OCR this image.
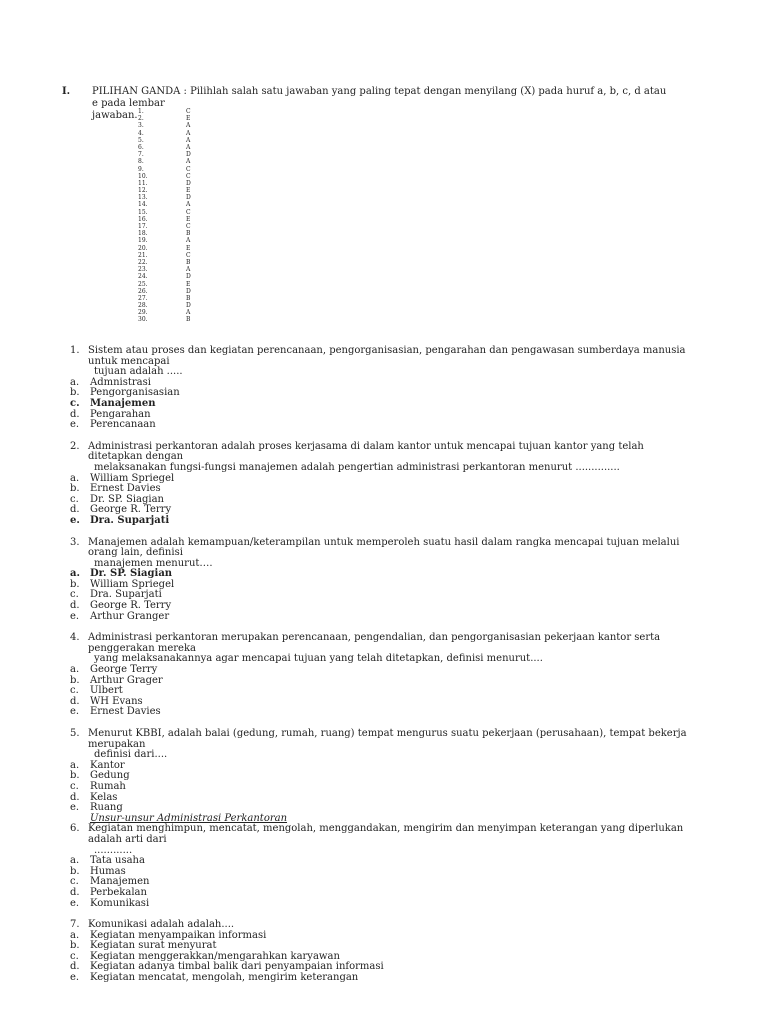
I. PILIHAN GANDA : Pilihlah salah satu jawaban yang paling tepat dengan menyilang (X) pada huruf a, b, c, d atau e pada lembar
jawaban. 1.	C
2.	E
3.	A
4.	A
5.	A
6.	A
7.	D
8.	A
9.	C
10.	C
11.	D
12.	E
13.	D
14.	A
15.	C
16.	E
17.	C
18.	B
19.	A
20.	E
21.	C
22.	B
23.	A
24.	D
25.	E
26.	D
27.	B
28.	D
29.	A
30.	B
1. Sistem atau proses dan kegiatan perencanaan, pengorganisasian, pengarahan dan pengawasan sumberdaya manusia untuk mencapai
tujuan adalah .....
a.	Admnistrasi
b.	Pengorganisasian
c.	Manajemen
d.	Pengarahan
e.	Perencanaan
2. Administrasi perkantoran adalah proses kerjasama di dalam kantor untuk mencapai tujuan kantor yang telah ditetapkan dengan
melaksanakan fungsi-fungsi manajemen adalah pengertian administrasi perkantoran menurut ..............
a.	William Spriegel
b.	Ernest Davies
c.	Dr. SP. Siagian
d.	George R. Terry
e.	Dra. Suparjati
3. Manajemen adalah kemampuan/keterampilan untuk memperoleh suatu hasil dalam rangka mencapai tujuan melalui orang lain, definisi
manajemen menurut….
a.	Dr. SP. Siagian
b.	William Spriegel
c.	Dra. Suparjati
d.	George R. Terry
e.	Arthur Granger
4. Administrasi perkantoran merupakan perencanaan, pengendalian, dan pengorganisasian pekerjaan kantor serta penggerakan mereka
yang melaksanakannya agar mencapai tujuan yang telah ditetapkan, definisi menurut....
a.	George Terry
b.	Arthur Grager
c.	Ulbert
d.	WH Evans
e.	Ernest Davies
5. Menurut KBBI, adalah balai (gedung, rumah, ruang) tempat mengurus suatu pekerjaan (perusahaan), tempat bekerja merupakan
definisi dari....
a.	Kantor
b.	Gedung
c.	Rumah
d.	Kelas
e.	Ruang
Unsur-unsur Administrasi Perkantoran
6. Kegiatan menghimpun, mencatat, mengolah, menggandakan, mengirim dan menyimpan keterangan yang diperlukan adalah arti dari
............
a.	Tata usaha
b.	Humas
c.	Manajemen
d.	Perbekalan
e.	Komunikasi
7. Komunikasi adalah adalah....
a.	Kegiatan menyampaikan informasi
b.	Kegiatan surat menyurat
c.	Kegiatan menggerakkan/mengarahkan karyawan
d.	Kegiatan adanya timbal balik dari penyampaian informasi
e.	Kegiatan mencatat, mengolah, mengirim keterangan
